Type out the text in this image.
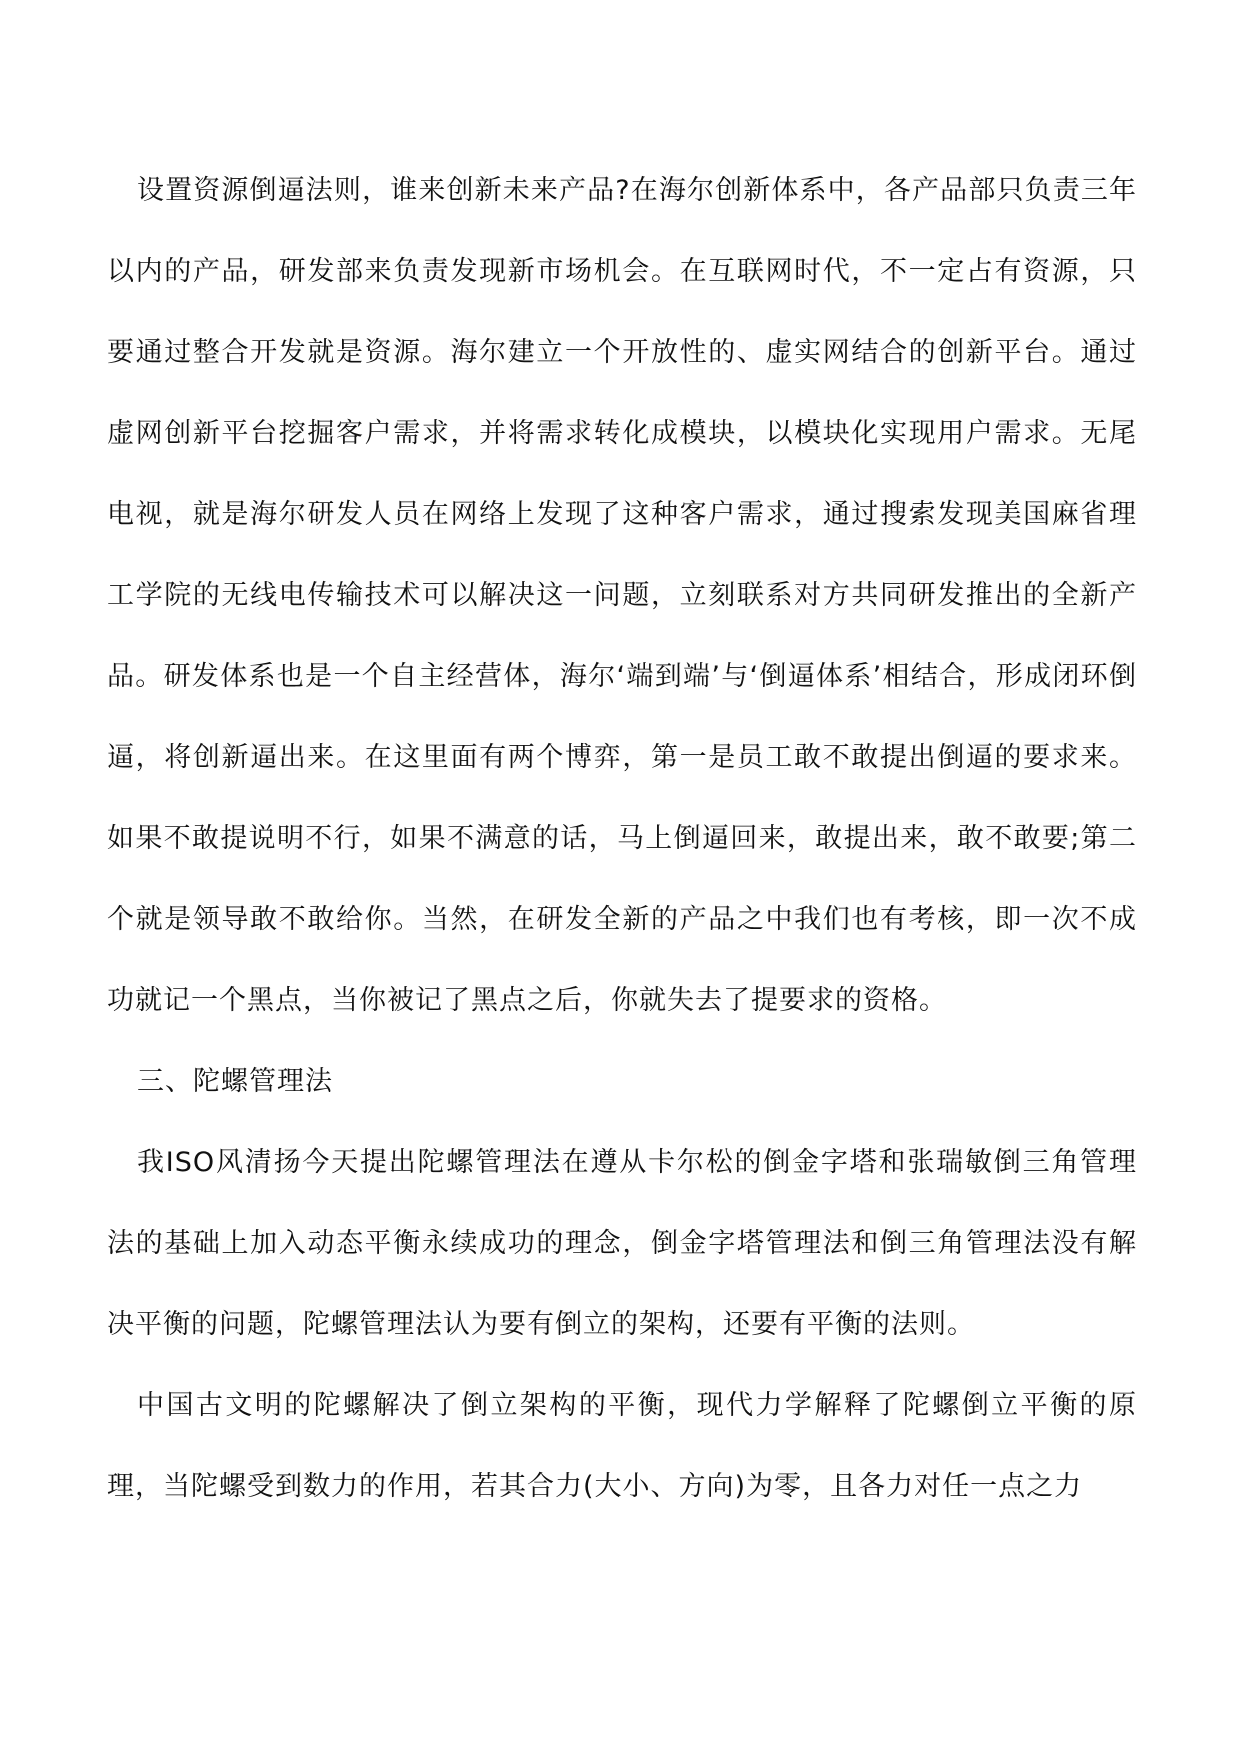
设置资源倒逼法则，谁来创新未来产品?在海尔创新体系中，各产品部只负责三年以内的产品，研发部来负责发现新市场机会。在互联网时代，不一定占有资源，只要通过整合开发就是资源。海尔建立一个开放性的、虚实网结合的创新平台。通过虚网创新平台挖掘客户需求，并将需求转化成模块，以模块化实现用户需求。无尾电视，就是海尔研发人员在网络上发现了这种客户需求，通过搜索发现美国麻省理工学院的无线电传输技术可以解决这一问题，立刻联系对方共同研发推出的全新产品。研发体系也是一个自主经营体，海尔‘端到端’与‘倒逼体系’相结合，形成闭环倒逼，将创新逼出来。在这里面有两个博弈，第一是员工敢不敢提出倒逼的要求来。如果不敢提说明不行，如果不满意的话，马上倒逼回来，敢提出来，敢不敢要;第二个就是领导敢不敢给你。当然，在研发全新的产品之中我们也有考核，即一次不成功就记一个黑点，当你被记了黑点之后，你就失去了提要求的资格。

三、陀螺管理法

我ISO风清扬今天提出陀螺管理法在遵从卡尔松的倒金字塔和张瑞敏倒三角管理法的基础上加入动态平衡永续成功的理念，倒金字塔管理法和倒三角管理法没有解决平衡的问题，陀螺管理法认为要有倒立的架构，还要有平衡的法则。

中国古文明的陀螺解决了倒立架构的平衡，现代力学解释了陀螺倒立平衡的原理，当陀螺受到数力的作用，若其合力(大小、方向)为零，且各力对任一点之力
